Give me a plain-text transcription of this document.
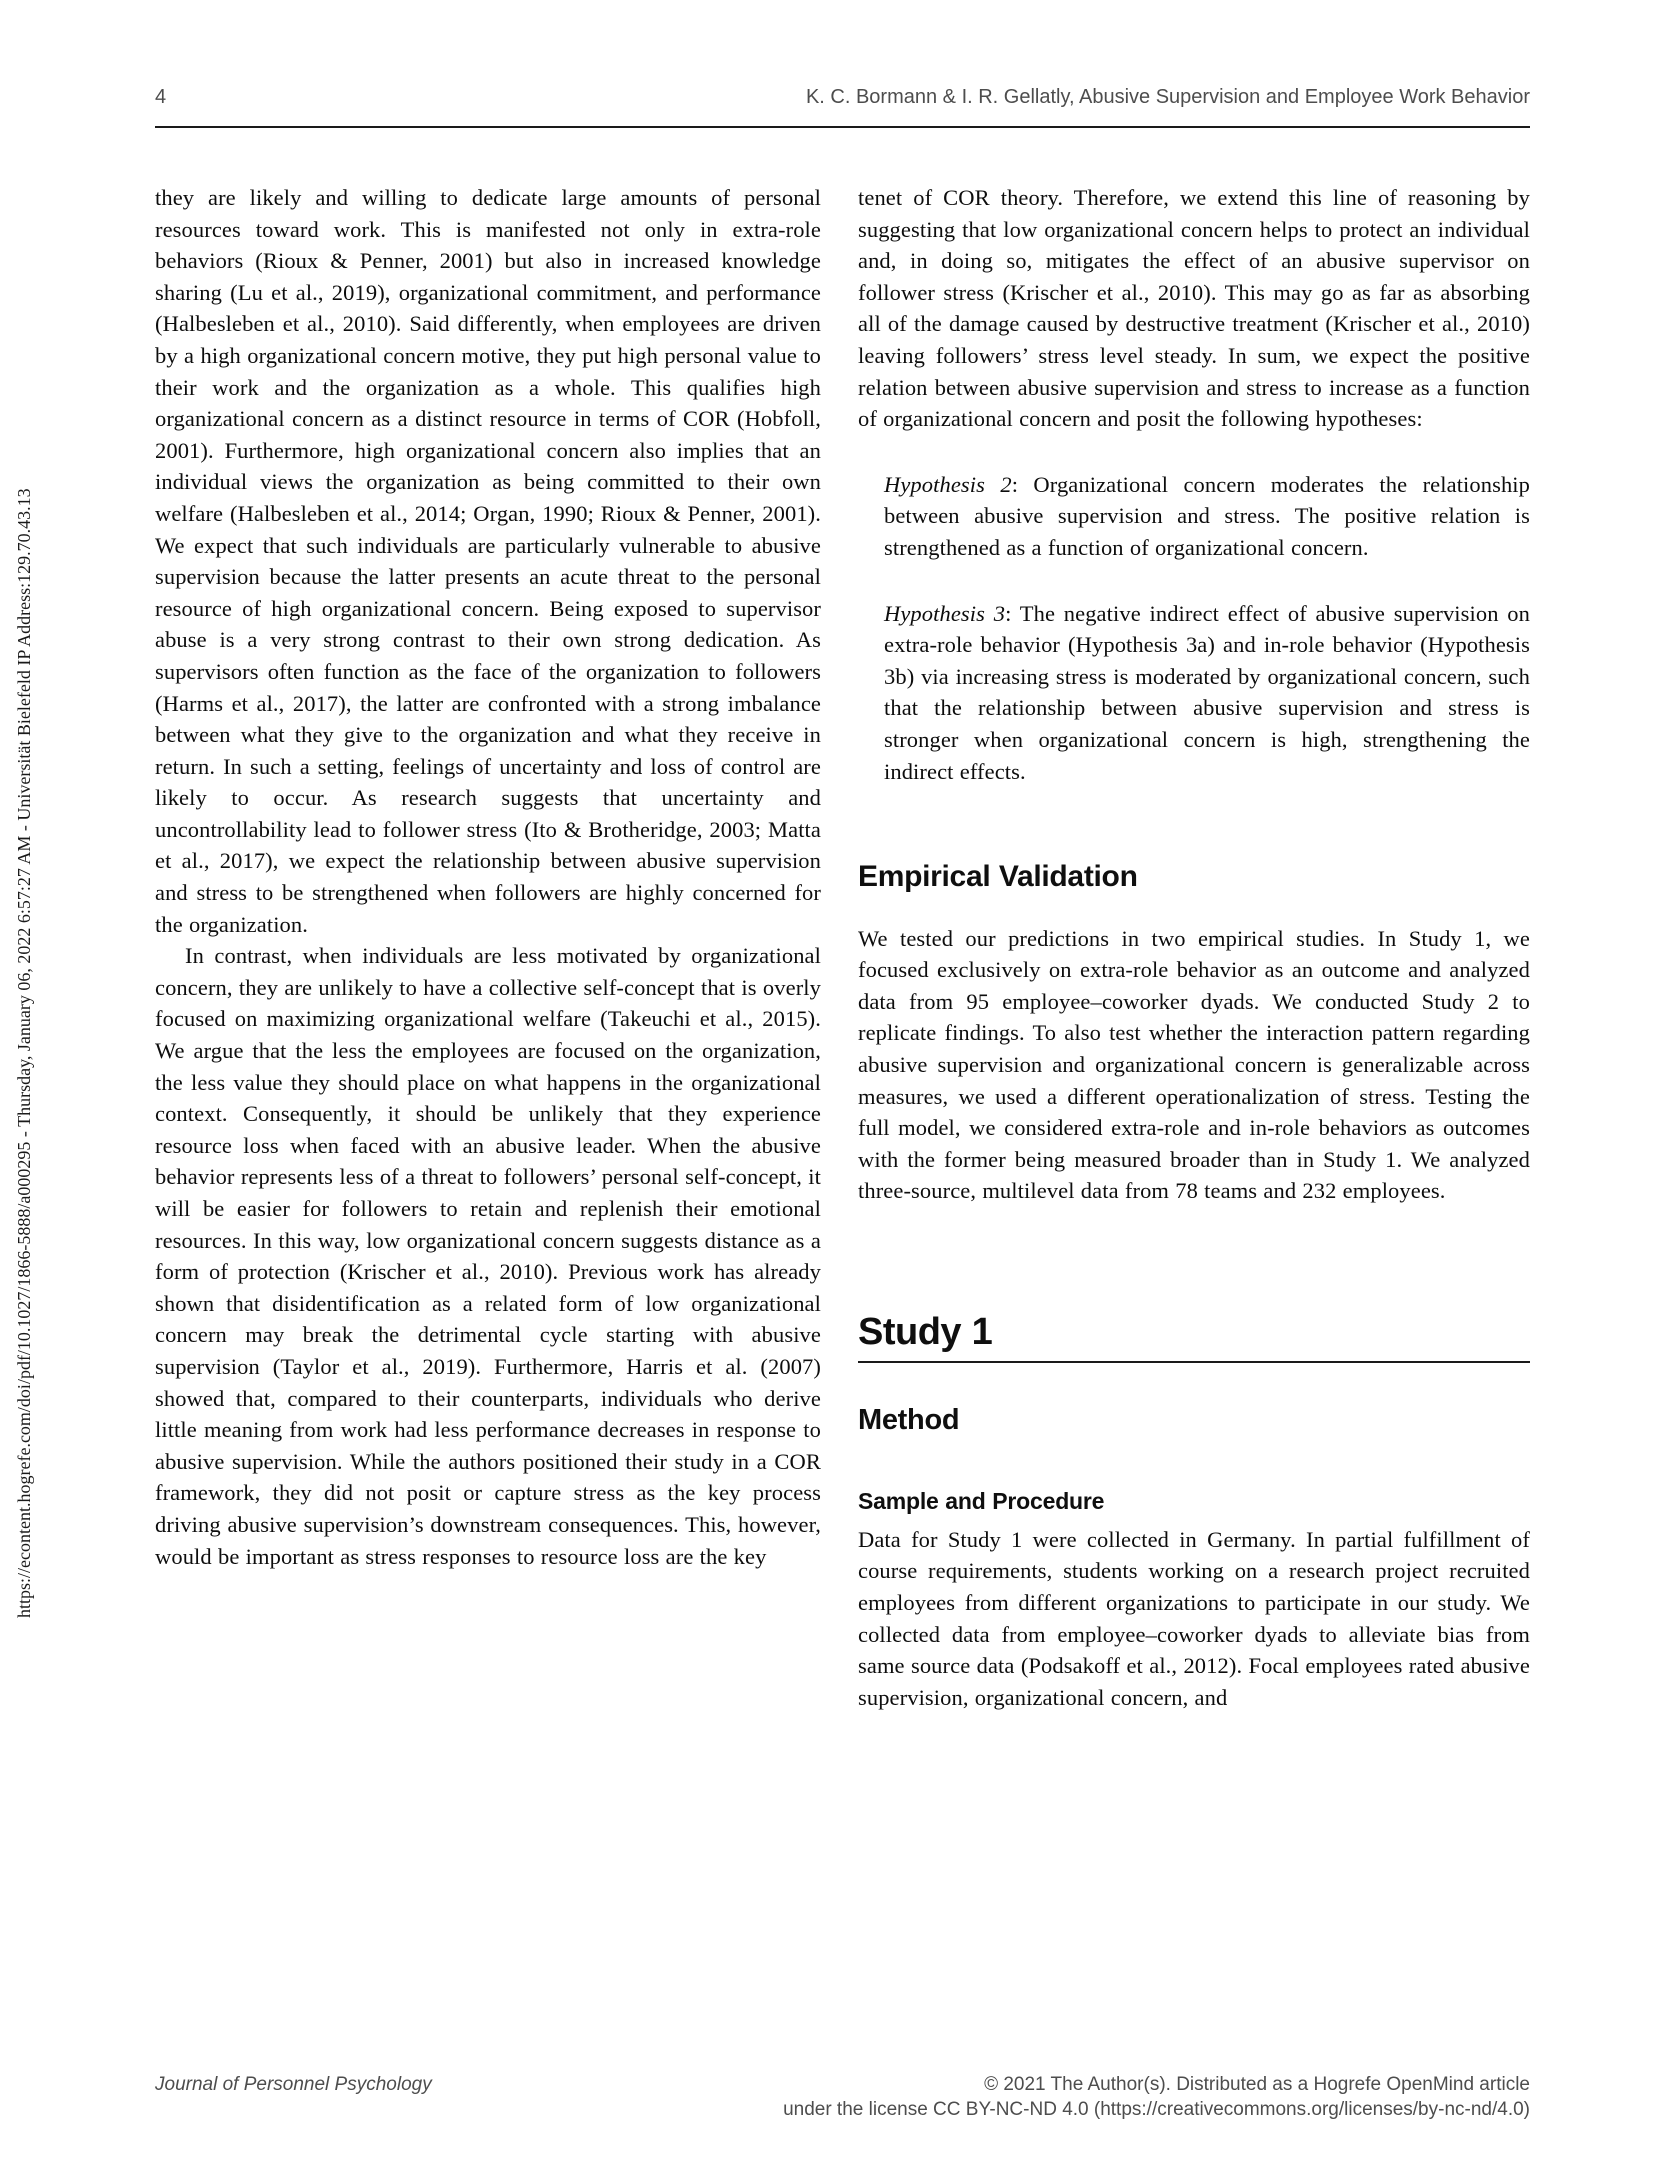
https://econtent.hogrefe.com/doi/pdf/10.1027/1866-5888/a000295 - Thursday, January 06, 2022 6:57:27 AM - Universität Bielefeld IP Address:129.70.43.13
4	K. C. Bormann & I. R. Gellatly, Abusive Supervision and Employee Work Behavior

they are likely and willing to dedicate large amounts of personal resources toward work. This is manifested not only in extra-role behaviors (Rioux & Penner, 2001) but also in increased knowledge sharing (Lu et al., 2019), organizational commitment, and performance (Halbesleben et al., 2010). Said differently, when employees are driven by a high organizational concern motive, they put high personal value to their work and the organization as a whole. This qualifies high organizational concern as a distinct resource in terms of COR (Hobfoll, 2001). Furthermore, high organizational concern also implies that an individual views the organization as being committed to their own welfare (Halbesleben et al., 2014; Organ, 1990; Rioux & Penner, 2001). We expect that such individuals are particularly vulnerable to abusive supervision because the latter presents an acute threat to the personal resource of high organizational concern. Being exposed to supervisor abuse is a very strong contrast to their own strong dedication. As supervisors often function as the face of the organization to followers (Harms et al., 2017), the latter are confronted with a strong imbalance between what they give to the organization and what they receive in return. In such a setting, feelings of uncertainty and loss of control are likely to occur. As research suggests that uncertainty and uncontrollability lead to follower stress (Ito & Brotheridge, 2003; Matta et al., 2017), we expect the relationship between abusive supervision and stress to be strengthened when followers are highly concerned for the organization.

In contrast, when individuals are less motivated by organizational concern, they are unlikely to have a collective self-concept that is overly focused on maximizing organizational welfare (Takeuchi et al., 2015). We argue that the less the employees are focused on the organization, the less value they should place on what happens in the organizational context. Consequently, it should be unlikely that they experience resource loss when faced with an abusive leader. When the abusive behavior represents less of a threat to followers’ personal self-concept, it will be easier for followers to retain and replenish their emotional resources. In this way, low organizational concern suggests distance as a form of protection (Krischer et al., 2010). Previous work has already shown that disidentification as a related form of low organizational concern may break the detrimental cycle starting with abusive supervision (Taylor et al., 2019). Furthermore, Harris et al. (2007) showed that, compared to their counterparts, individuals who derive little meaning from work had less performance decreases in response to abusive supervision. While the authors positioned their study in a COR framework, they did not posit or capture stress as the key process driving abusive supervision’s downstream consequences. This, however, would be important as stress responses to resource loss are the key

tenet of COR theory. Therefore, we extend this line of reasoning by suggesting that low organizational concern helps to protect an individual and, in doing so, mitigates the effect of an abusive supervisor on follower stress (Krischer et al., 2010). This may go as far as absorbing all of the damage caused by destructive treatment (Krischer et al., 2010) leaving followers’ stress level steady. In sum, we expect the positive relation between abusive supervision and stress to increase as a function of organizational concern and posit the following hypotheses:

Hypothesis 2: Organizational concern moderates the relationship between abusive supervision and stress. The positive relation is strengthened as a function of organizational concern.
Hypothesis 3: The negative indirect effect of abusive supervision on extra-role behavior (Hypothesis 3a) and in-role behavior (Hypothesis 3b) via increasing stress is moderated by organizational concern, such that the relationship between abusive supervision and stress is stronger when organizational concern is high, strengthening the indirect effects.
Empirical Validation

We tested our predictions in two empirical studies. In Study 1, we focused exclusively on extra-role behavior as an outcome and analyzed data from 95 employee–coworker dyads. We conducted Study 2 to replicate findings. To also test whether the interaction pattern regarding abusive supervision and organizational concern is generalizable across measures, we used a different operationalization of stress. Testing the full model, we considered extra-role and in-role behaviors as outcomes with the former being measured broader than in Study 1. We analyzed three-source, multilevel data from 78 teams and 232 employees.

Study 1
Method
Sample and Procedure

Data for Study 1 were collected in Germany. In partial fulfillment of course requirements, students working on a research project recruited employees from different organizations to participate in our study. We collected data from employee–coworker dyads to alleviate bias from same source data (Podsakoff et al., 2012). Focal employees rated abusive supervision, organizational concern, and

Journal of Personnel Psychology	© 2021 The Author(s). Distributed as a Hogrefe OpenMind article
under the license CC BY-NC-ND 4.0 (https://creativecommons.org/licenses/by-nc-nd/4.0)
